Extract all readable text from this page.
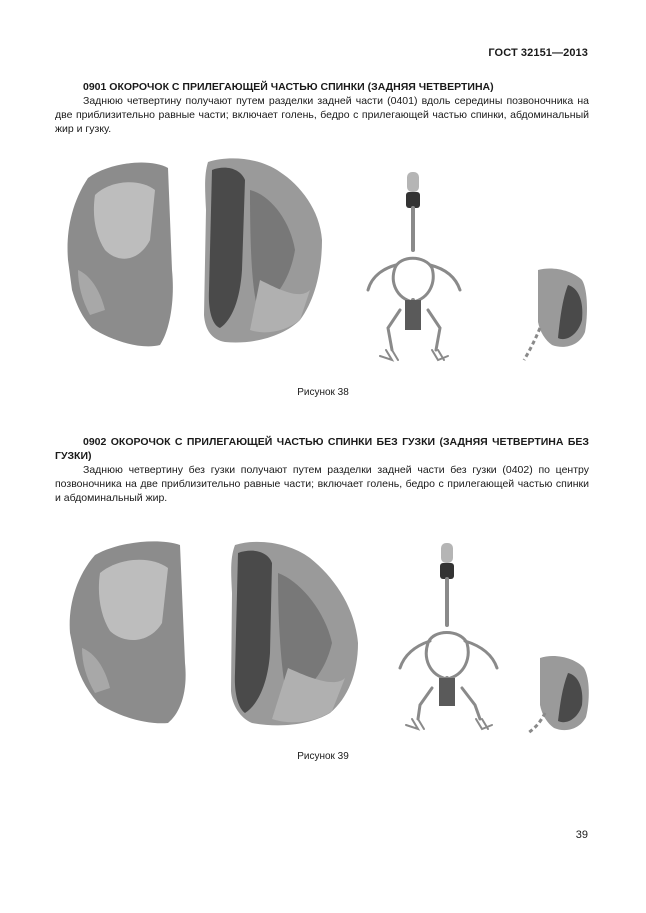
ГОСТ 32151—2013

0901 ОКОРОЧОК С ПРИЛЕГАЮЩЕЙ ЧАСТЬЮ СПИНКИ (ЗАДНЯЯ ЧЕТВЕРТИНА)

Заднюю четвертину получают путем разделки задней части (0401) вдоль середины позвоночника на две приблизительно равные части; включает голень, бедро с прилегающей частью спинки, абдоминальный жир и гузку.

Рисунок 38

0902 ОКОРОЧОК С ПРИЛЕГАЮЩЕЙ ЧАСТЬЮ СПИНКИ БЕЗ ГУЗКИ (ЗАДНЯЯ ЧЕТВЕРТИНА БЕЗ ГУЗКИ)

Заднюю четвертину без гузки получают путем разделки задней части без гузки (0402) по центру позвоночника на две приблизительно равные части; включает голень, бедро с прилегающей частью спинки и абдоминальный жир.

Рисунок 39
39
